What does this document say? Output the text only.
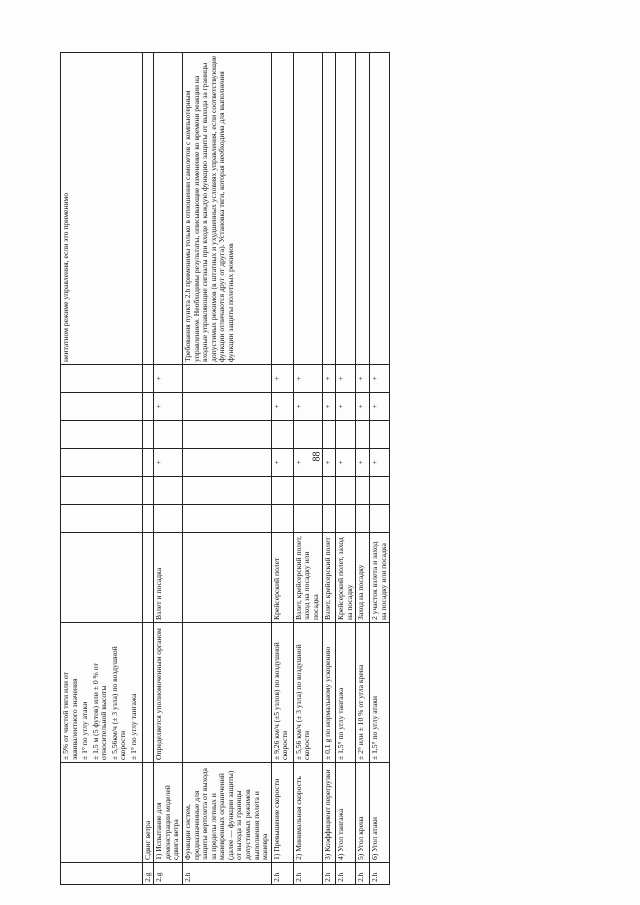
88

		± 5% от чистой тяги или от эквивалентного значения ± 1° по углу атаки ± 1,5 м (5 футов) или ± 0 % от относительной высоты ± 5,56км/ч (± 3 узла) по воздушной скорости ± 1° по углу тангажа								неитатном режиме управления, если это применимо
2.g	Сдвиг ветра									
2.g	1) Испытание для демонстрации моделей сдвига ветра	Определяется уполномоченным органом	Взлет и посадка			+		+	+	
2.h	Функции систем, предназначенные для защиты вертолета от выхода за пределы летных и маневренных ограничений (далее — функции защиты) от выхода за границы допустимых режимов выполнения полета и маневра									Требования пункта 2.h применимы только в отношении самолетов с компьютерным управлением. Необходимы результаты, описывающие изменение во времени реакции на входные управляющие сигналы при входе в каждую функцию защиты от выхода за границы допустимых режимов (в штатных и ухудшенных условиях управления, если соответствующие функции отличаются друг от друга). Установка тяги, которая необходима для выполнения функции защиты полетных режимов
2.h	1) Превышение скорости	± 9,26 км/ч (±5 узлов) по воздушной скорости	Крейсерский полет			+		+	+	
2.h	2) Минимальная скорость	± 5,56 км/ч (± 3 узла) по воздушной скорости	Взлет, крейсерский полет, заход на посадку или посадка			+		+	+	
2.h	3) Коэффициент перегрузки	± 0,1 g по нормальному ускорению	Взлет, крейсерский полет			+		+	+	
2.h	4) Угол тангажа	± 1,5° по углу тангажа	Крейсерский полет, заход на посадку			+		+	+	
2.h	5) Угол крена	± 2° или ± 10 % от угла крена	Заход на посадку			+		+	+	
2.h	6) Угол атаки	± 1,5° по углу атаки	2 участок взлета и заход на посадку или посадка			+		+	+	
